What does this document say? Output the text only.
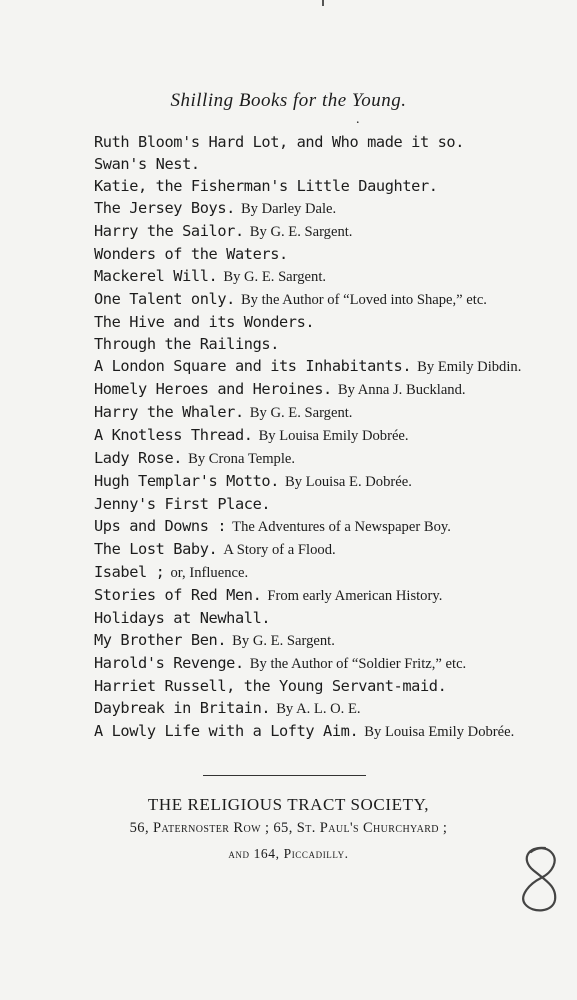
Shilling Books for the Young.
.
Ruth Bloom's Hard Lot, and Who made it so.
Swan's Nest.
Katie, the Fisherman's Little Daughter.
The Jersey Boys. By Darley Dale.
Harry the Sailor. By G. E. Sargent.
Wonders of the Waters.
Mackerel Will. By G. E. Sargent.
One Talent only. By the Author of “Loved into Shape,” etc.
The Hive and its Wonders.
Through the Railings.
A London Square and its Inhabitants. By Emily Dibdin.
Homely Heroes and Heroines. By Anna J. Buckland.
Harry the Whaler. By G. E. Sargent.
A Knotless Thread. By Louisa Emily Dobrée.
Lady Rose. By Crona Temple.
Hugh Templar's Motto. By Louisa E. Dobrée.
Jenny's First Place.
Ups and Downs : The Adventures of a Newspaper Boy.
The Lost Baby. A Story of a Flood.
Isabel ; or, Influence.
Stories of Red Men. From early American History.
Holidays at Newhall.
My Brother Ben. By G. E. Sargent.
Harold's Revenge. By the Author of “Soldier Fritz,” etc.
Harriet Russell, the Young Servant-maid.
Daybreak in Britain. By A. L. O. E.
A Lowly Life with a Lofty Aim. By Louisa Emily Dobrée.
THE RELIGIOUS TRACT SOCIETY,
56, Paternoster Row ; 65, St. Paul's Churchyard ;
and 164, Piccadilly.
